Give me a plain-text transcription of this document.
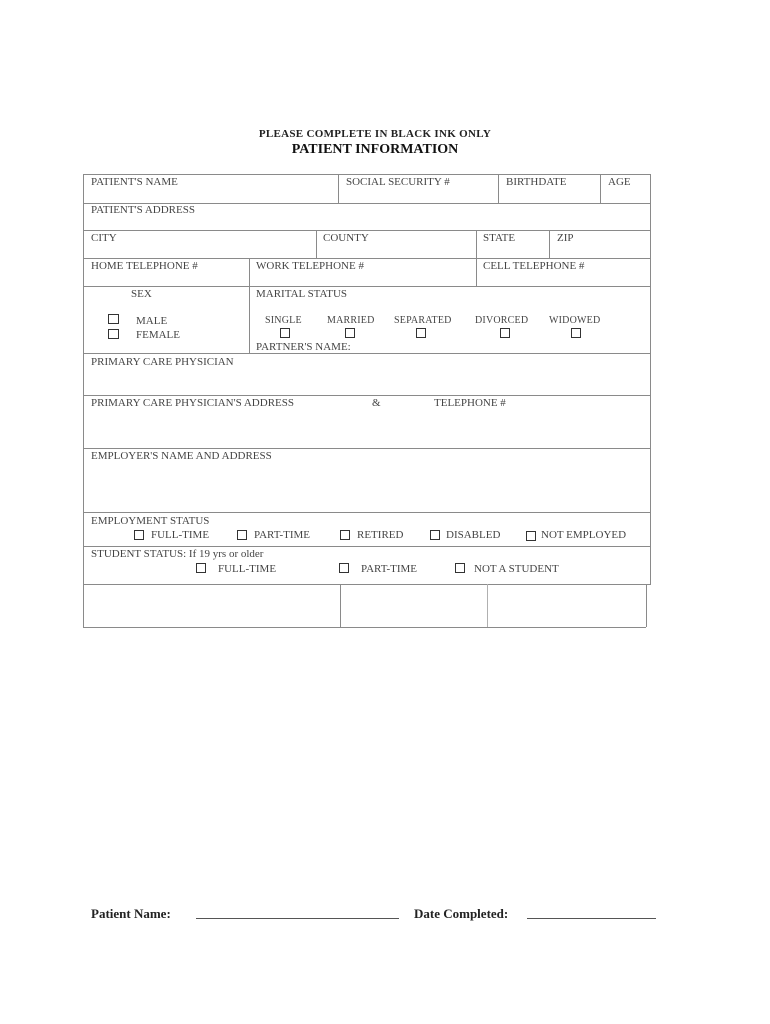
PLEASE COMPLETE IN BLACK INK ONLY
PATIENT INFORMATION
PATIENT'S NAME	SOCIAL SECURITY #	BIRTHDATE	AGE
PATIENT'S ADDRESS
CITY	COUNTY	STATE	ZIP
HOME TELEPHONE #	WORK TELEPHONE #	CELL TELEPHONE #
SEX
MALE
FEMALE
MARITAL STATUS
SINGLE	MARRIED SEPARATED DIVORCED WIDOWED
PARTNER'S NAME:
PRIMARY CARE PHYSICIAN
PRIMARY CARE PHYSICIAN'S ADDRESS	&	TELEPHONE #
EMPLOYER'S NAME AND ADDRESS
EMPLOYMENT STATUS
FULL-TIME	PART-TIME	RETIRED	DISABLED	NOT EMPLOYED
STUDENT STATUS: If 19 yrs or older
FULL-TIME	PART-TIME	NOT A STUDENT
Patient Name:	Date Completed:
